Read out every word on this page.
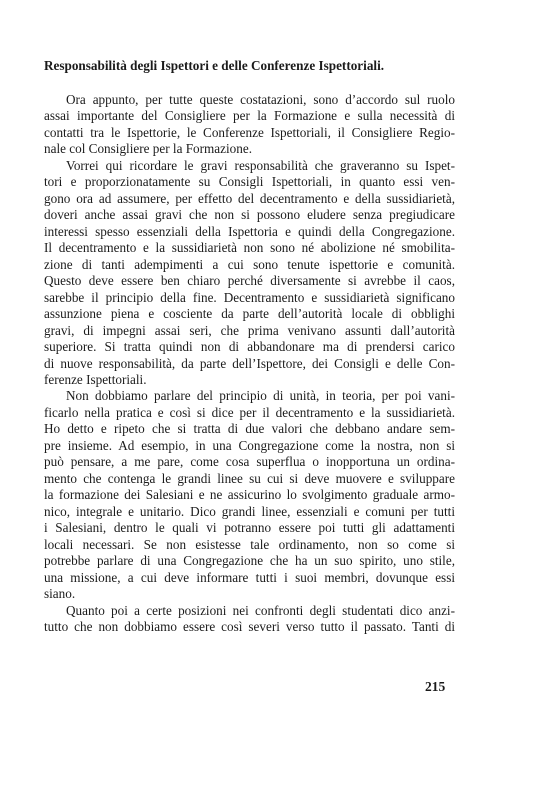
Responsabilità degli Ispettori e delle Conferenze Ispettoriali.
Ora appunto, per tutte queste costatazioni, sono d’accordo sul ruolo
assai importante del Consigliere per la Formazione e sulla necessità di
contatti tra le Ispettorie, le Conferenze Ispettoriali, il Consigliere Regio-
nale col Consigliere per la Formazione.
Vorrei qui ricordare le gravi responsabilità che graveranno su Ispet-
tori e proporzionatamente su Consigli Ispettoriali, in quanto essi ven-
gono ora ad assumere, per effetto del decentramento e della sussidiarietà,
doveri anche assai gravi che non si possono eludere senza pregiudicare
interessi spesso essenziali della Ispettoria e quindi della Congregazione.
Il decentramento e la sussidiarietà non sono né abolizione né smobilita-
zione di tanti adempimenti a cui sono tenute ispettorie e comunità.
Questo deve essere ben chiaro perché diversamente si avrebbe il caos,
sarebbe il principio della fine. Decentramento e sussidiarietà significano
assunzione piena e cosciente da parte dell’autorità locale di obblighi
gravi, di impegni assai seri, che prima venivano assunti dall’autorità
superiore. Si tratta quindi non di abbandonare ma di prendersi carico
di nuove responsabilità, da parte dell’Ispettore, dei Consigli e delle Con-
ferenze Ispettoriali.
Non dobbiamo parlare del principio di unità, in teoria, per poi vani-
ficarlo nella pratica e così si dice per il decentramento e la sussidiarietà.
Ho detto e ripeto che si tratta di due valori che debbano andare sem-
pre insieme. Ad esempio, in una Congregazione come la nostra, non si
può pensare, a me pare, come cosa superflua o inopportuna un ordina-
mento che contenga le grandi linee su cui si deve muovere e sviluppare
la formazione dei Salesiani e ne assicurino lo svolgimento graduale armo-
nico, integrale e unitario. Dico grandi linee, essenziali e comuni per tutti
i Salesiani, dentro le quali vi potranno essere poi tutti gli adattamenti
locali necessari. Se non esistesse tale ordinamento, non so come si
potrebbe parlare di una Congregazione che ha un suo spirito, uno stile,
una missione, a cui deve informare tutti i suoi membri, dovunque essi
siano.
Quanto poi a certe posizioni nei confronti degli studentati dico anzi-
tutto che non dobbiamo essere così severi verso tutto il passato. Tanti di
215
